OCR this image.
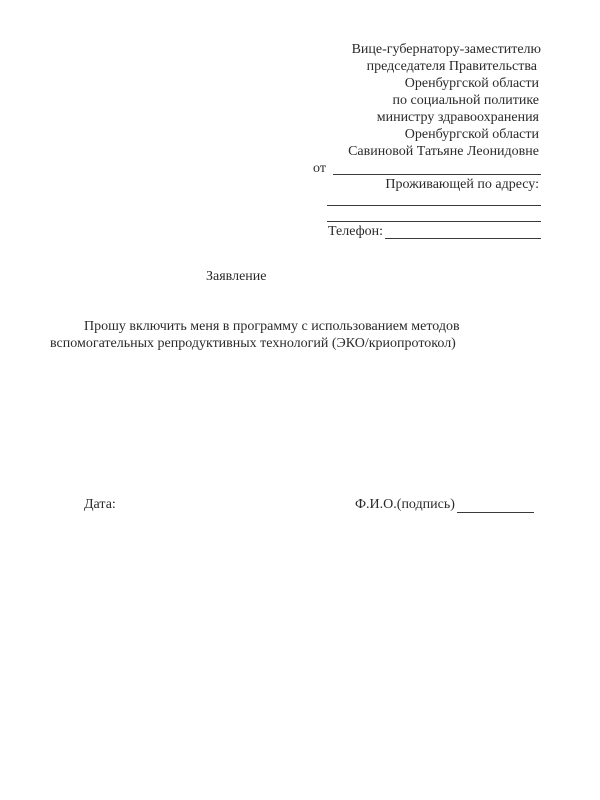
Вице-губернатору-заместителю
председателя Правительства
Оренбургской области
по социальной политике
министру здравоохранения
Оренбургской области
Савиновой Татьяне Леонидовне
от
Проживающей по адресу:
Телефон:
Заявление
Прошу включить меня в программу с использованием методов
вспомогательных репродуктивных технологий (ЭКО/криопротокол)
Дата:	Ф.И.О.(подпись)
